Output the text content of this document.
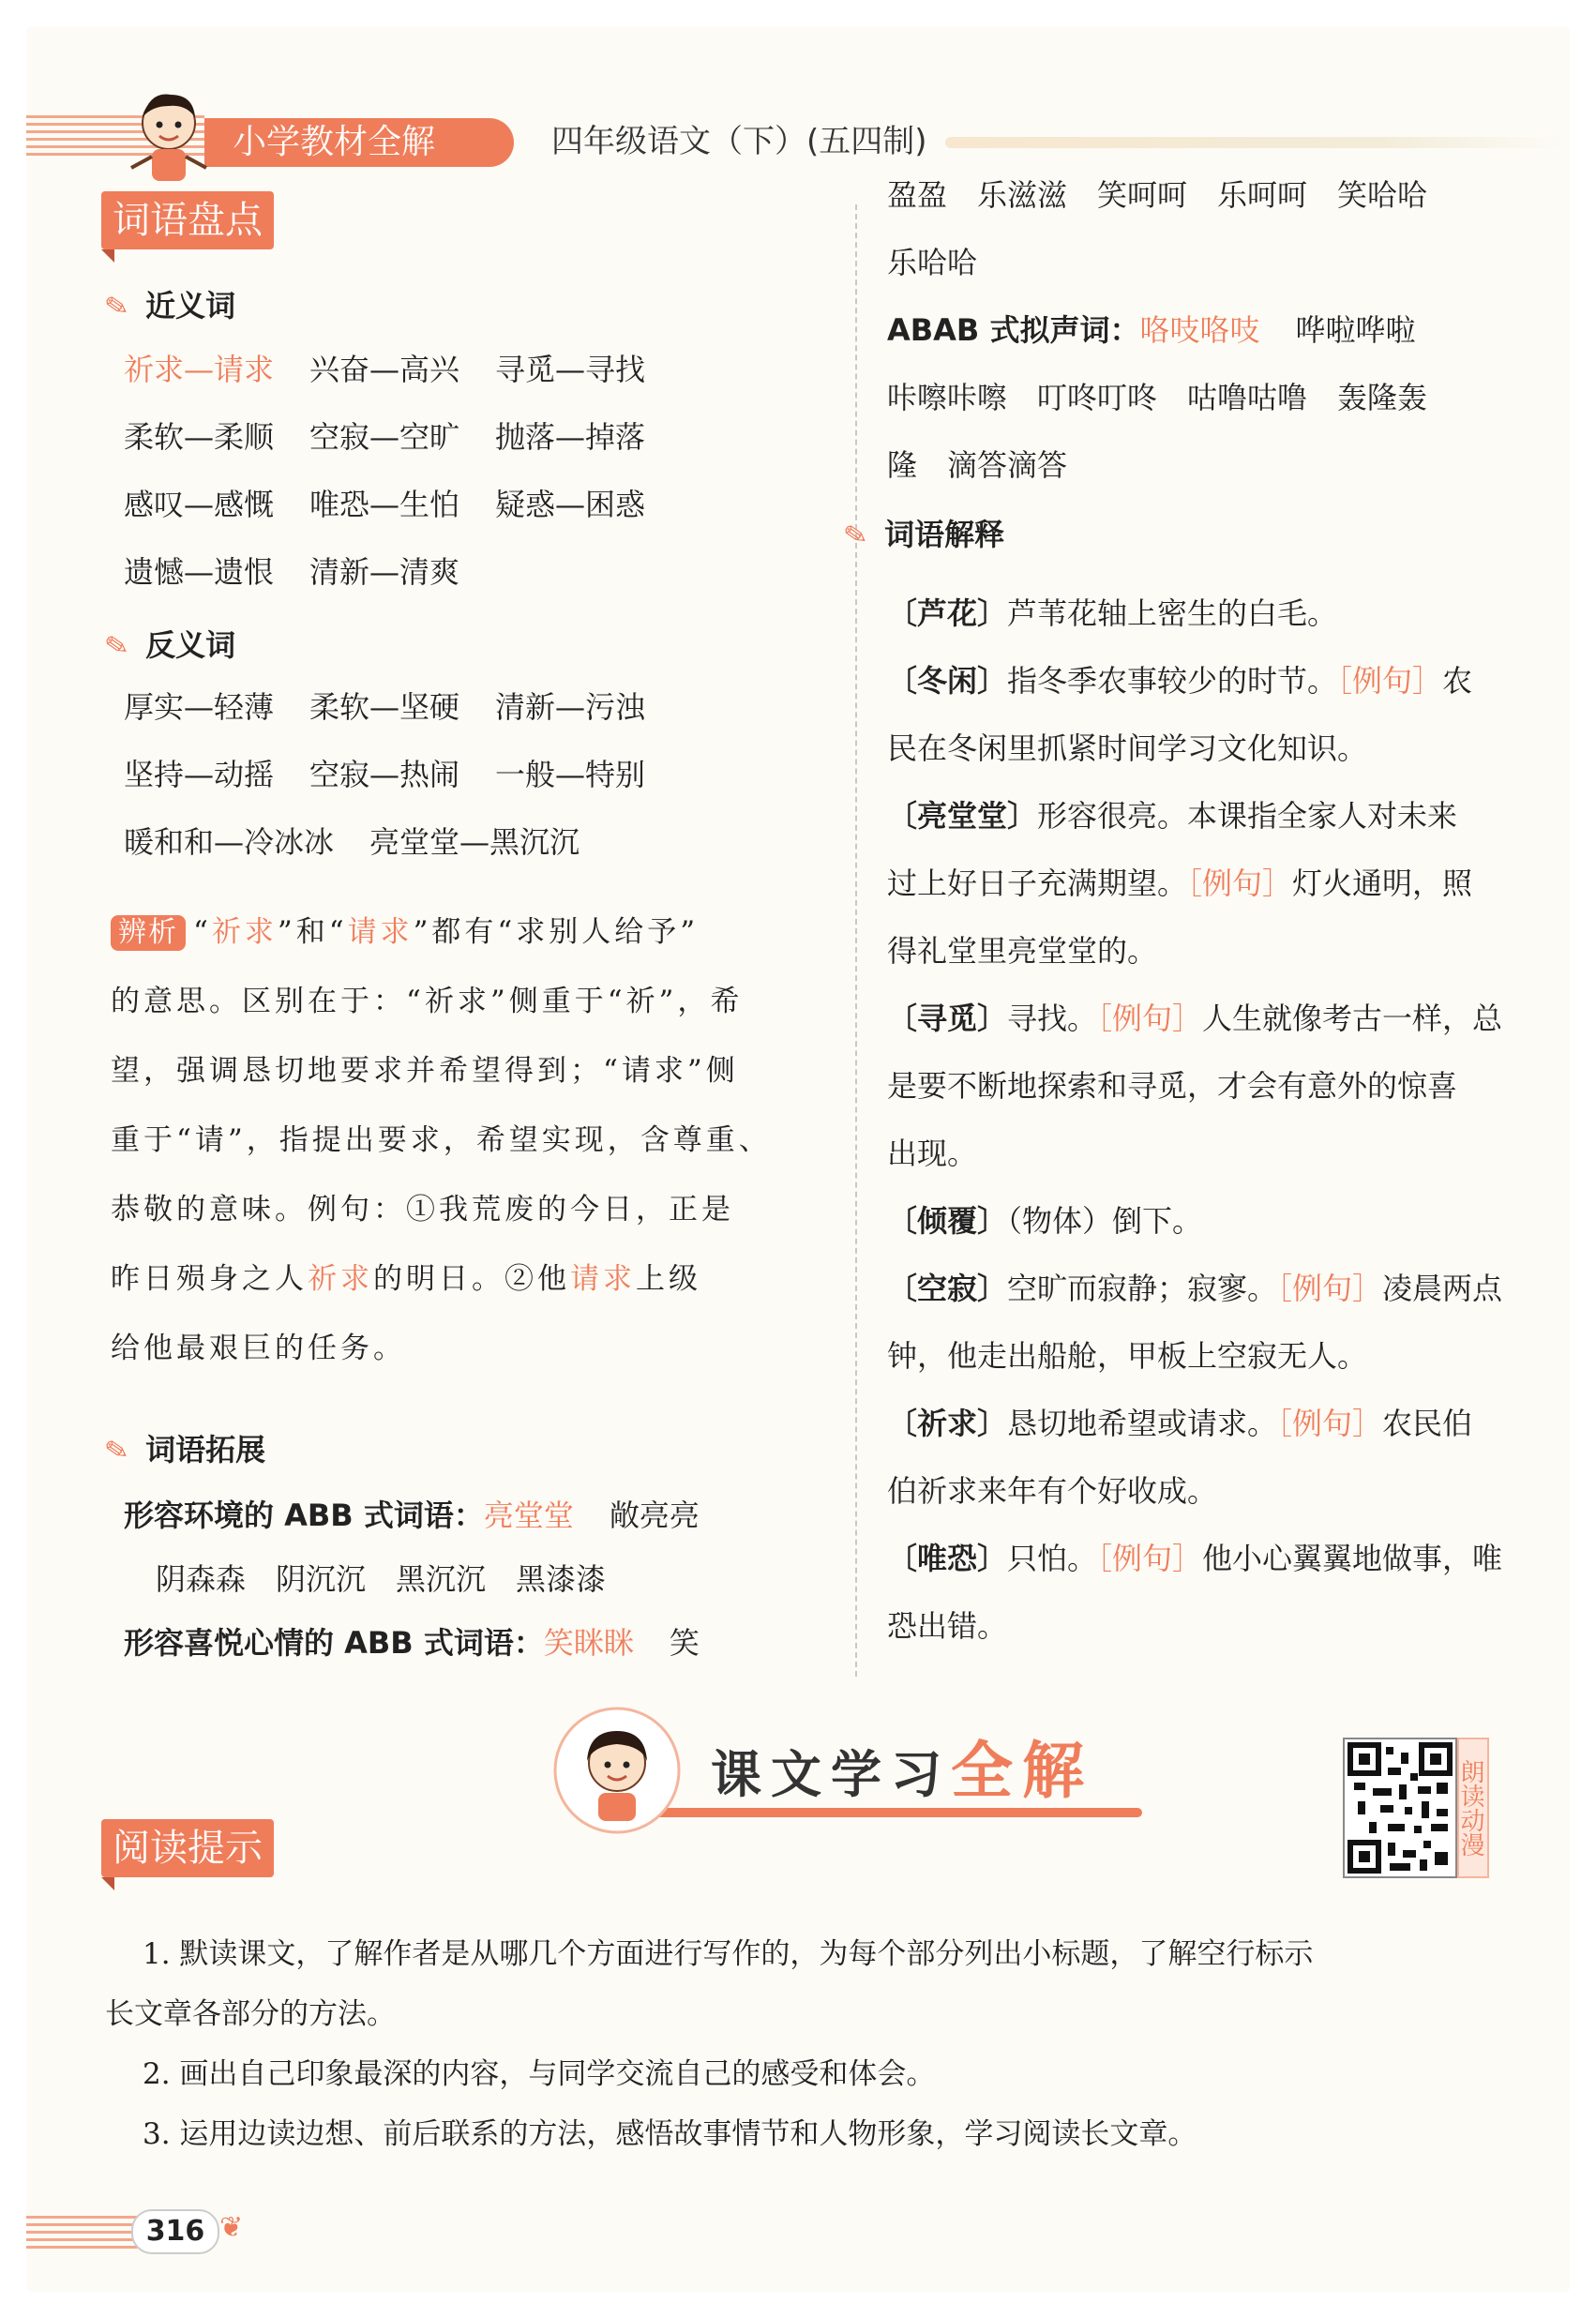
小学教材全解	四年级语文（下）(五四制)
词语盘点
✎ 近义词
祈求—请求 兴奋—高兴 寻觅—寻找
柔软—柔顺 空寂—空旷 抛落—掉落
感叹—感慨 唯恐—生怕 疑惑—困惑
遗憾—遗恨 清新—清爽
✎ 反义词
厚实—轻薄 柔软—坚硬 清新—污浊
坚持—动摇 空寂—热闹 一般—特别
暖和和—冷冰冰 亮堂堂—黑沉沉
辨析 “祈求”和“请求”都有“求别人给予”
的意思。区别在于：“祈求”侧重于“祈”，希
望，强调恳切地要求并希望得到；“请求”侧
重于“请”，指提出要求，希望实现，含尊重、
恭敬的意味。例句：①我荒废的今日，正是
昨日殒身之人祈求的明日。②他请求上级
给他最艰巨的任务。
✎ 词语拓展
形容环境的 ABB 式词语：亮堂堂 敞亮亮
阴森森　阴沉沉　黑沉沉　黑漆漆
形容喜悦心情的 ABB 式词语：笑眯眯 笑
盈盈　乐滋滋　笑呵呵　乐呵呵　笑哈哈
乐哈哈
ABAB 式拟声词：咯吱咯吱 哗啦哗啦
咔嚓咔嚓　叮咚叮咚　咕噜咕噜　轰隆轰
隆　滴答滴答
✎ 词语解释
〔芦花〕芦苇花轴上密生的白毛。
〔冬闲〕指冬季农事较少的时节。［例句］农
民在冬闲里抓紧时间学习文化知识。
〔亮堂堂〕形容很亮。本课指全家人对未来
过上好日子充满期望。［例句］灯火通明，照
得礼堂里亮堂堂的。
〔寻觅〕寻找。［例句］人生就像考古一样，总
是要不断地探索和寻觅，才会有意外的惊喜
出现。
〔倾覆〕（物体）倒下。
〔空寂〕空旷而寂静；寂寥。［例句］凌晨两点
钟，他走出船舱，甲板上空寂无人。
〔祈求〕恳切地希望或请求。［例句］农民伯
伯祈求来年有个好收成。
〔唯恐〕只怕。［例句］他小心翼翼地做事，唯
恐出错。
课文学习全解	朗读动漫
阅读提示
1. 默读课文，了解作者是从哪几个方面进行写作的，为每个部分列出小标题，了解空行标示
长文章各部分的方法。
2. 画出自己印象最深的内容，与同学交流自己的感受和体会。
3. 运用边读边想、前后联系的方法，感悟故事情节和人物形象，学习阅读长文章。
316 ❦
